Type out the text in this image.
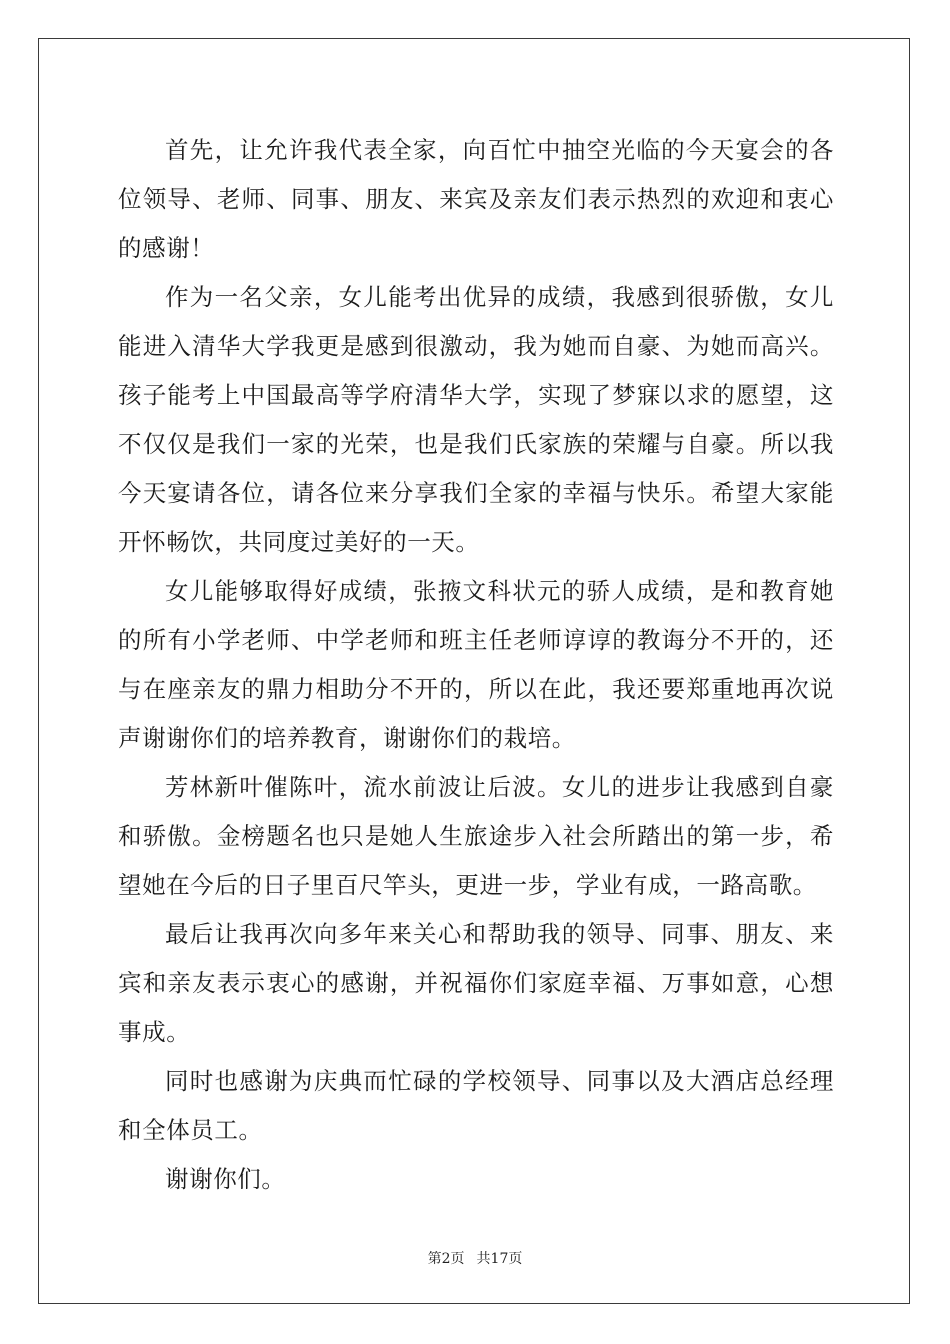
首先，让允许我代表全家，向百忙中抽空光临的今天宴会的各位领导、老师、同事、朋友、来宾及亲友们表示热烈的欢迎和衷心的感谢！

作为一名父亲，女儿能考出优异的成绩，我感到很骄傲，女儿能进入清华大学我更是感到很激动，我为她而自豪、为她而高兴。孩子能考上中国最高等学府清华大学，实现了梦寐以求的愿望，这不仅仅是我们一家的光荣，也是我们氏家族的荣耀与自豪。所以我今天宴请各位，请各位来分享我们全家的幸福与快乐。希望大家能开怀畅饮，共同度过美好的一天。

女儿能够取得好成绩，张掖文科状元的骄人成绩，是和教育她的所有小学老师、中学老师和班主任老师谆谆的教诲分不开的，还与在座亲友的鼎力相助分不开的，所以在此，我还要郑重地再次说声谢谢你们的培养教育，谢谢你们的栽培。

芳林新叶催陈叶，流水前波让后波。女儿的进步让我感到自豪和骄傲。金榜题名也只是她人生旅途步入社会所踏出的第一步，希望她在今后的日子里百尺竿头，更进一步，学业有成，一路高歌。

最后让我再次向多年来关心和帮助我的领导、同事、朋友、来宾和亲友表示衷心的感谢，并祝福你们家庭幸福、万事如意，心想事成。

同时也感谢为庆典而忙碌的学校领导、同事以及大酒店总经理和全体员工。

谢谢你们。

第2页 共17页
